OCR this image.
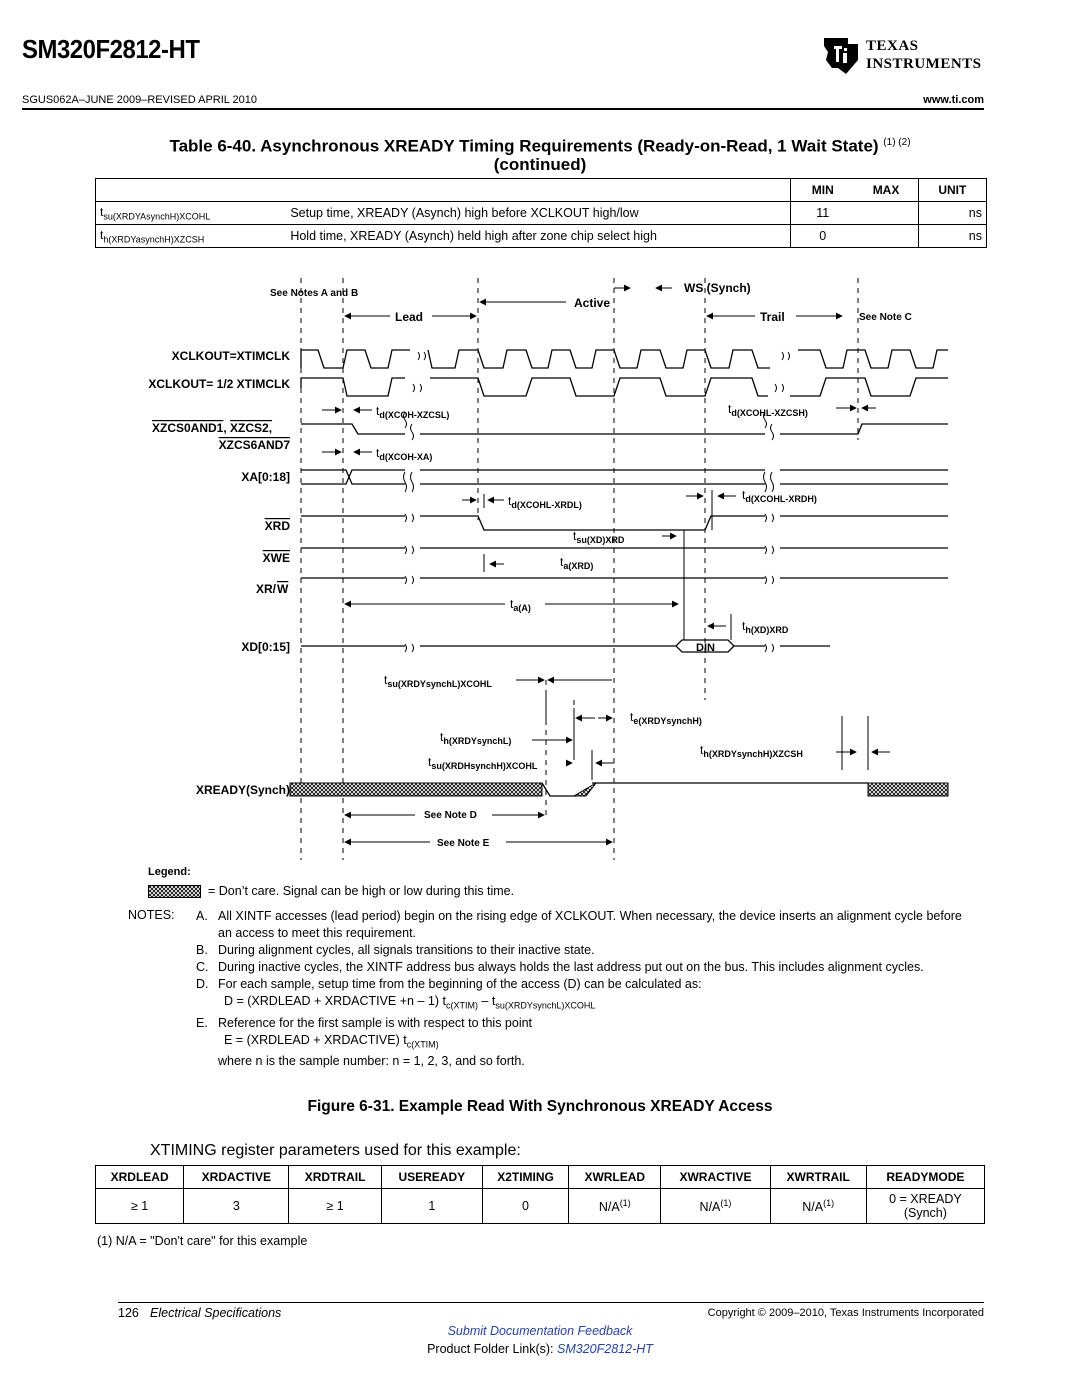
SM320F2812-HT	TEXAS
INSTRUMENTS
SGUS062A–JUNE 2009–REVISED APRIL 2010	www.ti.com
Table 6-40. Asynchronous XREADY Timing Requirements (Ready-on-Read, 1 Wait State) $^{(1) (2)}$
(continued)
		MIN	MAX	UNIT
$t_{su(XRDYAsynchH)XCOHL}$	Setup time, XREADY (Asynch) high before XCLKOUT high/low	11		ns
$t_{h(XRDYasynchH)XZCSH}$	Hold time, XREADY (Asynch) held high after zone chip select high	0		ns
See Notes A and B	WS (Synch)
Active
Lead	Trail	See Note C
XCLKOUT=XTIMCLK
XCLKOUT= 1/2 XTIMCLK
XA[0:18]
XRD
XWE
XD[0:15]
XREADY(Synch)
XR/ W
XZCS0AND1, XZCS2,
XZCS6AND7
DIN
$t_{d(XCOH-XZCSL)}$	$t_{d(XCOHL-XZCSH)}$
$t_{d(XCOH-XA)}$
$t_{d(XCOHL-XRDL)}$
$t_{d(XCOHL-XRDH)}$
$t_{su(XD)XRD}$
$t_{a(XRD)}$
$t_{a(A)}$
$t_{h(XD)XRD}$
$t_{su(XRDYsynchL)XCOHL}$
$t_{e(XRDYsynchH)}$
$t_{h(XRDYsynchL)}$
$t_{h(XRDYsynchH)XZCSH}$
$t_{su(XRDHsynchH)XCOHL}$
See Note D
See Note E
Legend:
= Don’t care. Signal can be high or low during this time.
NOTES: A. All XINTF accesses (lead period) begin on the rising edge of XCLKOUT. When necessary, the device inserts an alignment cycle before an access to meet this requirement.
B. During alignment cycles, all signals transitions to their inactive state.
C. During inactive cycles, the XINTF address bus always holds the last address put out on the bus. This includes alignment cycles.
D. For each sample, setup time from the beginning of the access (D) can be calculated as:
D = (XRDLEAD + XRDACTIVE +n – 1) $t_{c(XTIM)} - t_{su(XRDYsynchL)XCOHL}$
E. Reference for the first sample is with respect to this point
E = (XRDLEAD + XRDACTIVE) $t_{c(XTIM)}$
where n is the sample number: n = 1, 2, 3, and so forth.
Figure 6-31. Example Read With Synchronous XREADY Access
XTIMING register parameters used for this example:
XRDLEAD	XRDACTIVE	XRDTRAIL	USEREADY	X2TIMING	XWRLEAD	XWRACTIVE	XWRTRAIL	READYMODE
≥ 1	3	≥ 1	1	0	$N/A^{(1)}$	$N/A^{(1)}$	$N/A^{(1)}$	0 = XREADY
(Synch)
(1) N/A = "Don't care" for this example
126 Electrical Specifications	Copyright © 2009–2010, Texas Instruments Incorporated
Submit Documentation Feedback
Product Folder Link(s): SM320F2812-HT
